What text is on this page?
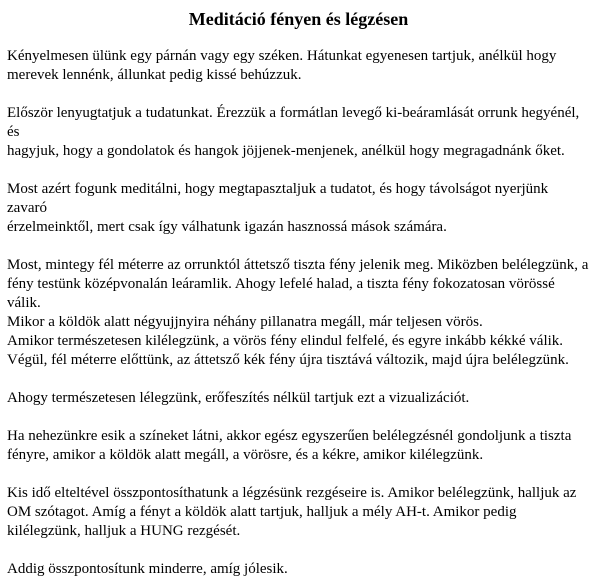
Meditáció fényen és légzésen

Kényelmesen ülünk egy párnán vagy egy széken. Hátunkat egyenesen tartjuk, anélkül hogy
merevek lennénk, állunkat pedig kissé behúzzuk.

Először lenyugtatjuk a tudatunkat. Érezzük a formátlan levegő ki-beáramlását orrunk hegyénél, és
hagyjuk, hogy a gondolatok és hangok jöjjenek-menjenek, anélkül hogy megragadnánk őket.

Most azért fogunk meditálni, hogy megtapasztaljuk a tudatot, és hogy távolságot nyerjünk zavaró
érzelmeinktől, mert csak így válhatunk igazán hasznossá mások számára.

Most, mintegy fél méterre az orrunktól áttetsző tiszta fény jelenik meg. Miközben belélegzünk, a
fény testünk középvonalán leáramlik. Ahogy lefelé halad, a tiszta fény fokozatosan vörössé válik.
Mikor a köldök alatt négyujjnyira néhány pillanatra megáll, már teljesen vörös.
Amikor természetesen kilélegzünk, a vörös fény elindul felfelé, és egyre inkább kékké válik.
Végül, fél méterre előttünk, az áttetsző kék fény újra tisztává változik, majd újra belélegzünk.

Ahogy természetesen lélegzünk, erőfeszítés nélkül tartjuk ezt a vizualizációt.

Ha nehezünkre esik a színeket látni, akkor egész egyszerűen belélegzésnél gondoljunk a tiszta
fényre, amikor a köldök alatt megáll, a vörösre, és a kékre, amikor kilélegzünk.

Kis idő elteltével összpontosíthatunk a légzésünk rezgéseire is. Amikor belélegzünk, halljuk az
OM szótagot. Amíg a fényt a köldök alatt tartjuk, halljuk a mély AH-t. Amikor pedig
kilélegzünk, halljuk a HUNG rezgését.

Addig összpontosítunk minderre, amíg jólesik.
